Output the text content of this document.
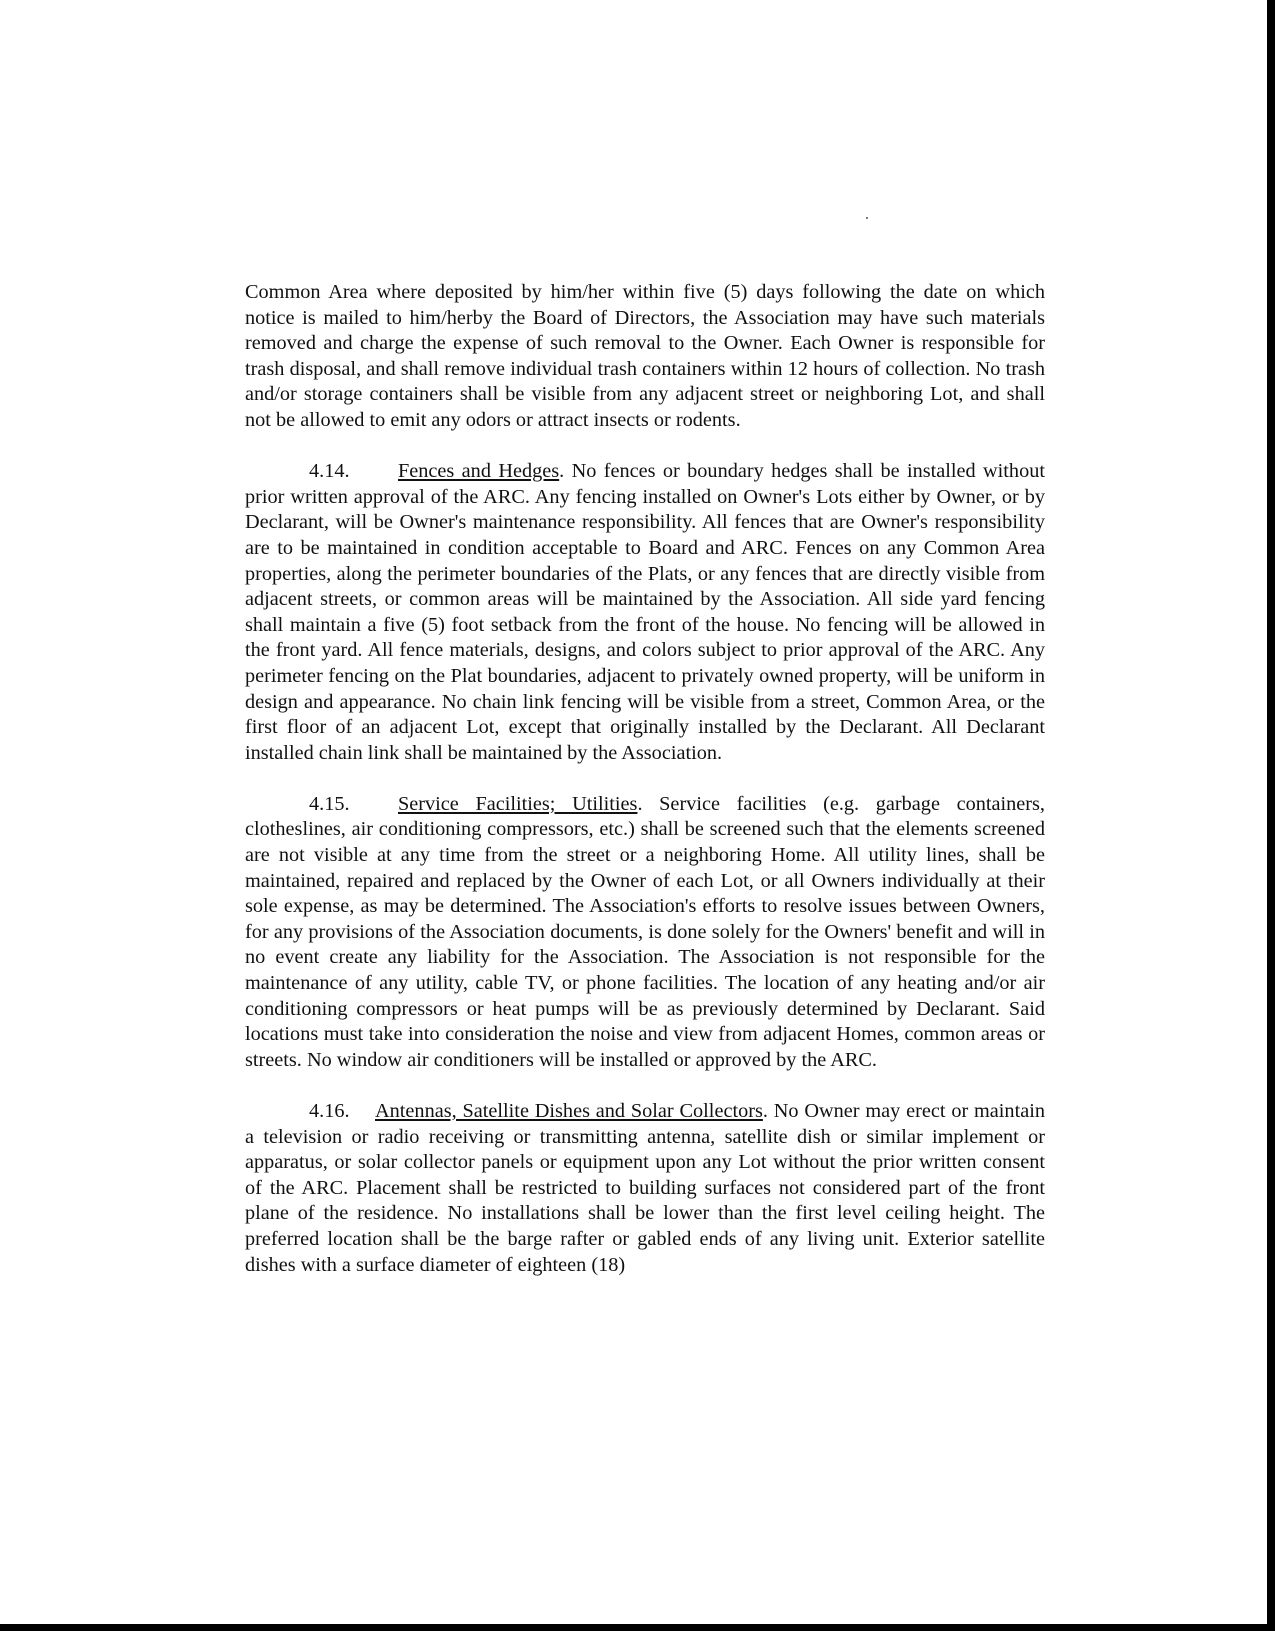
Common Area where deposited by him/her within five (5) days following the date on which notice is mailed to him/herby the Board of Directors, the Association may have such materials removed and charge the expense of such removal to the Owner. Each Owner is responsible for trash disposal, and shall remove individual trash containers within 12 hours of collection. No trash and/or storage containers shall be visible from any adjacent street or neighboring Lot, and shall not be allowed to emit any odors or attract insects or rodents.

4.14. Fences and Hedges. No fences or boundary hedges shall be installed without prior written approval of the ARC. Any fencing installed on Owner's Lots either by Owner, or by Declarant, will be Owner's maintenance responsibility. All fences that are Owner's responsibility are to be maintained in condition acceptable to Board and ARC. Fences on any Common Area properties, along the perimeter boundaries of the Plats, or any fences that are directly visible from adjacent streets, or common areas will be maintained by the Association. All side yard fencing shall maintain a five (5) foot setback from the front of the house. No fencing will be allowed in the front yard. All fence materials, designs, and colors subject to prior approval of the ARC. Any perimeter fencing on the Plat boundaries, adjacent to privately owned property, will be uniform in design and appearance. No chain link fencing will be visible from a street, Common Area, or the first floor of an adjacent Lot, except that originally installed by the Declarant. All Declarant installed chain link shall be maintained by the Association.

4.15. Service Facilities; Utilities. Service facilities (e.g. garbage containers, clotheslines, air conditioning compressors, etc.) shall be screened such that the elements screened are not visible at any time from the street or a neighboring Home. All utility lines, shall be maintained, repaired and replaced by the Owner of each Lot, or all Owners individually at their sole expense, as may be determined. The Association's efforts to resolve issues between Owners, for any provisions of the Association documents, is done solely for the Owners' benefit and will in no event create any liability for the Association. The Association is not responsible for the maintenance of any utility, cable TV, or phone facilities. The location of any heating and/or air conditioning compressors or heat pumps will be as previously determined by Declarant. Said locations must take into consideration the noise and view from adjacent Homes, common areas or streets. No window air conditioners will be installed or approved by the ARC.

4.16. Antennas, Satellite Dishes and Solar Collectors. No Owner may erect or maintain a television or radio receiving or transmitting antenna, satellite dish or similar implement or apparatus, or solar collector panels or equipment upon any Lot without the prior written consent of the ARC. Placement shall be restricted to building surfaces not considered part of the front plane of the residence. No installations shall be lower than the first level ceiling height. The preferred location shall be the barge rafter or gabled ends of any living unit. Exterior satellite dishes with a surface diameter of eighteen (18)
